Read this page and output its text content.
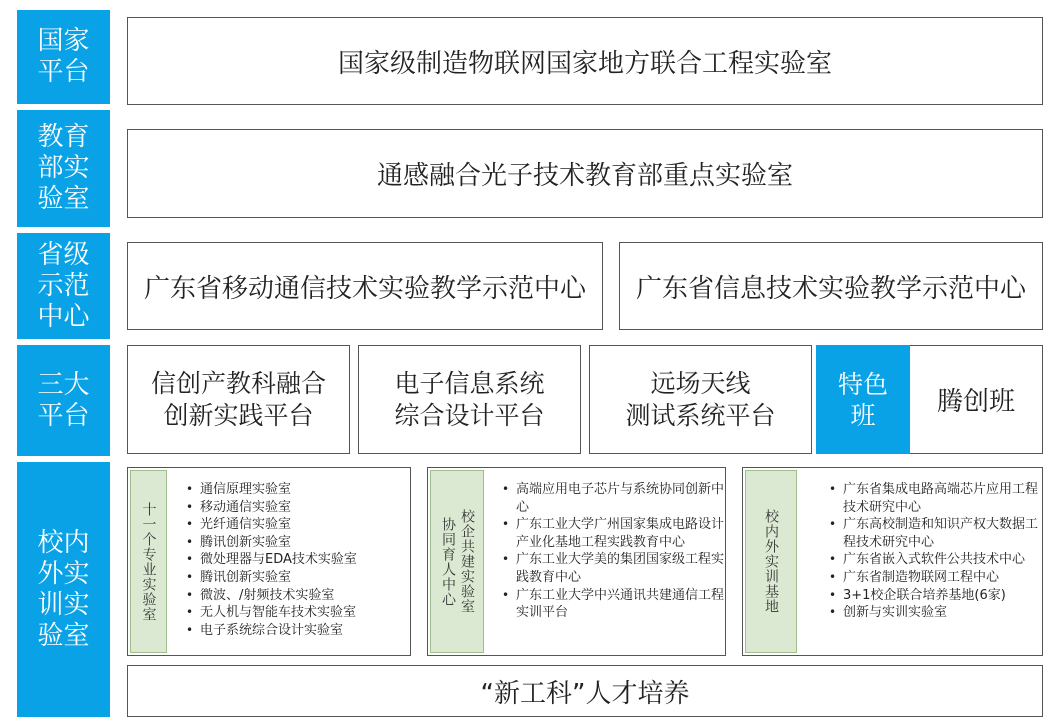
国家
平台
教育
部实
验室
省级
示范
中心
三大
平台
校内
外实
训实
验室
国家级制造物联网国家地方联合工程实验室
通感融合光子技术教育部重点实验室
广东省移动通信技术实验教学示范中心	广东省信息技术实验教学示范中心
信创产教科融合
创新实践平台
电子信息系统
综合设计平台
远场天线
测试系统平台	腾创班
特色
班
十一个专业实验室
• 通信原理实验室
• 移动通信实验室
• 光纤通信实验室
• 腾讯创新实验室
• 微处理器与EDA技术实验室
• 腾讯创新实验室
• 微波、/射频技术实验室
• 无人机与智能车技术实验室
• 电子系统综合设计实验室
校企共建实验室
协同育人中心
• 高端应用电子芯片与系统协同创新中心
• 广东工业大学广州国家集成电路设计产业化基地工程实践教育中心
• 广东工业大学美的集团国家级工程实践教育中心
• 广东工业大学中兴通讯共建通信工程实训平台	校内外实训基地
• 广东省集成电路高端芯片应用工程技术研究中心
• 广东高校制造和知识产权大数据工程技术研究中心
• 广东省嵌入式软件公共技术中心
• 广东省制造物联网工程中心
• 3+1校企联合培养基地(6家)
• 创新与实训实验室
“新工科”人才培养
